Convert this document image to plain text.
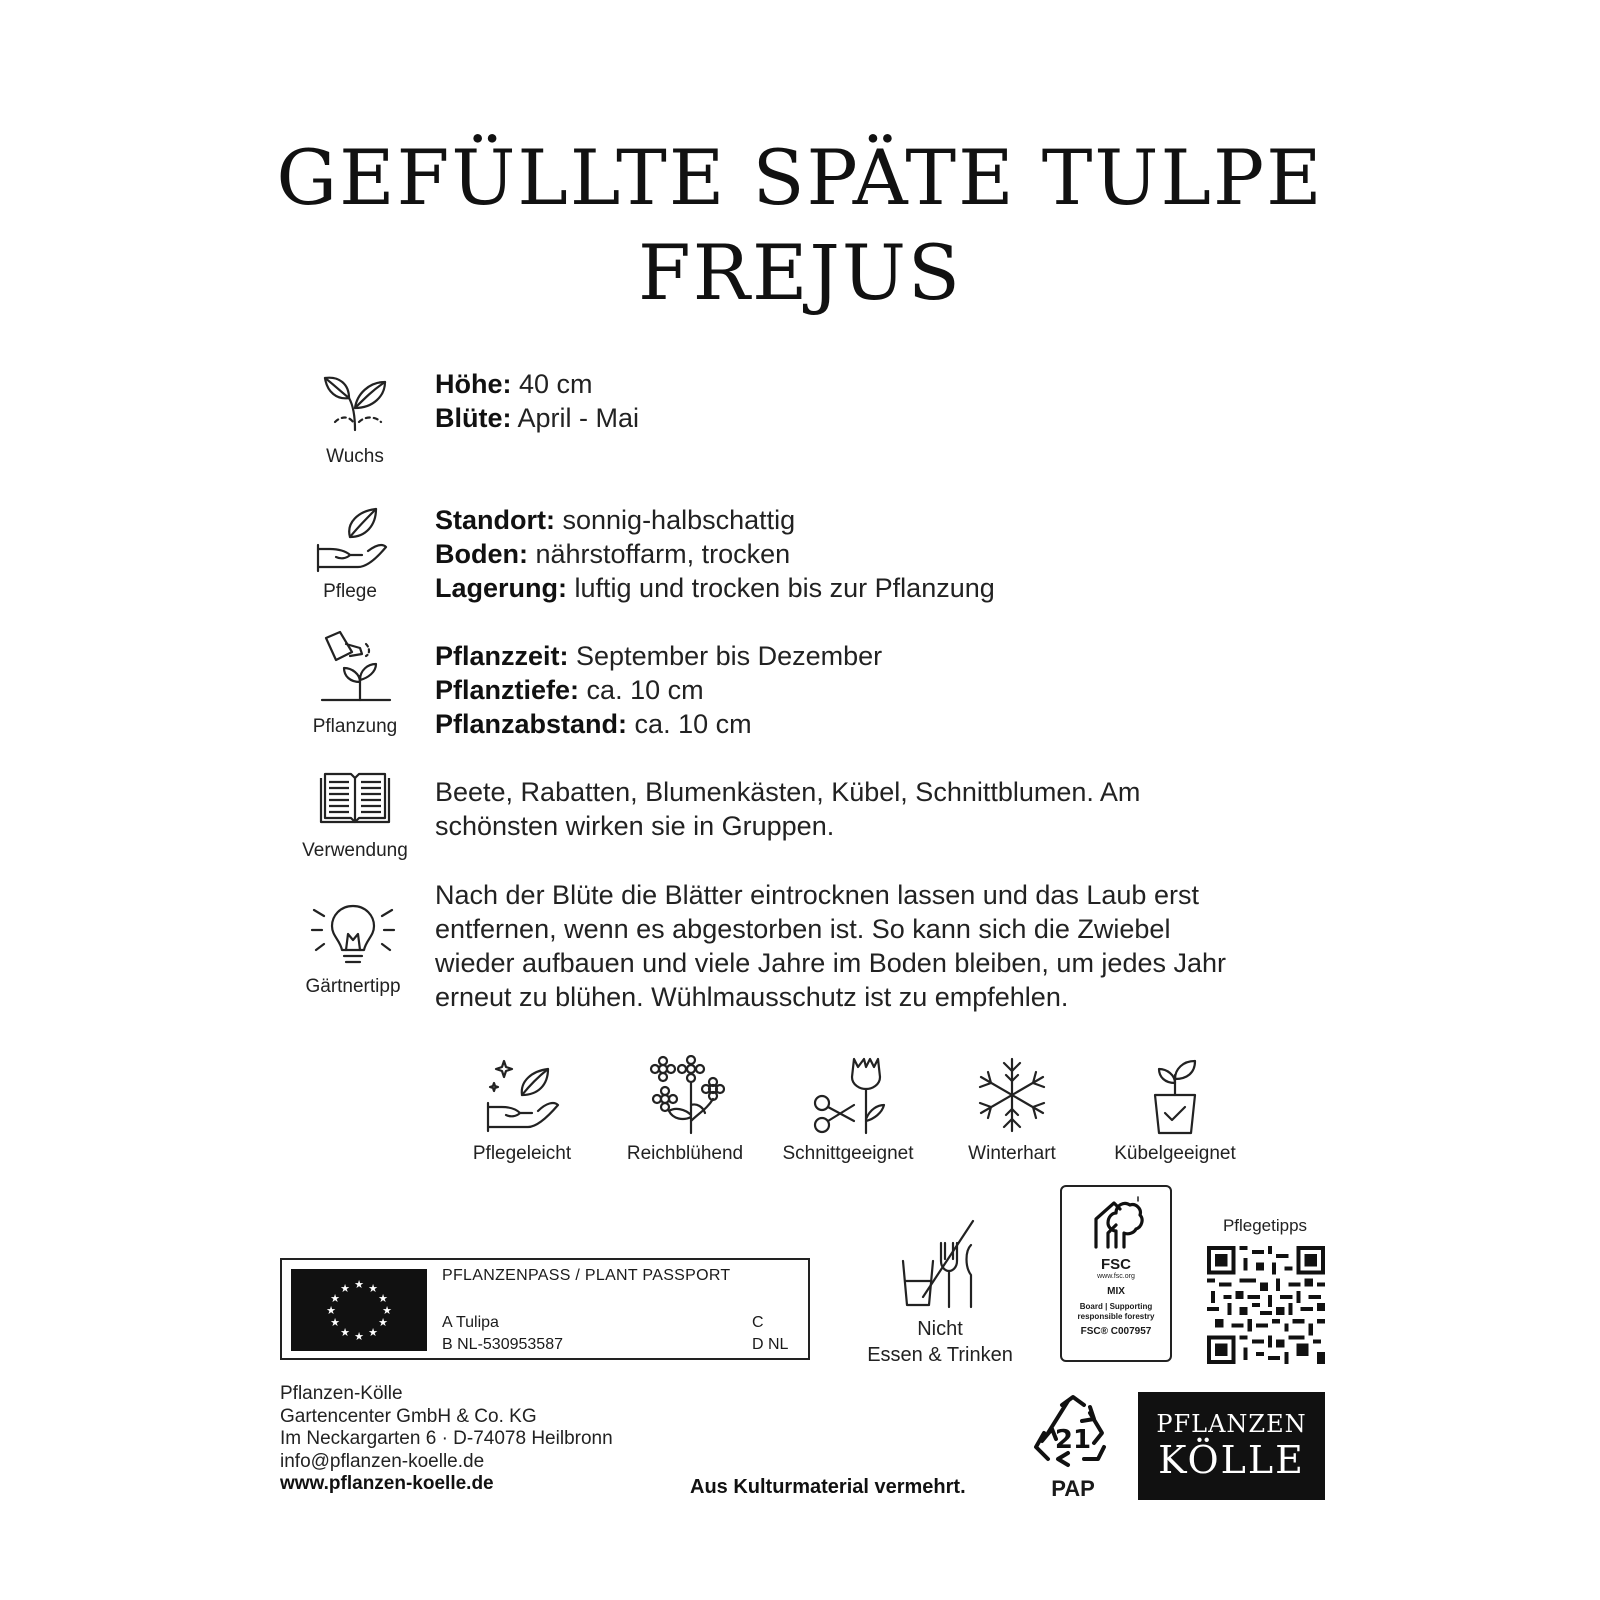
GEFÜLLTE SPÄTE TULPE
FREJUS
Wuchs
Höhe: 40 cm
Blüte: April - Mai
Pflege
Standort: sonnig-halbschattig
Boden: nährstoffarm, trocken
Lagerung: luftig und trocken bis zur Pflanzung
Pflanzung
Pflanzzeit: September bis Dezember
Pflanztiefe: ca. 10 cm
Pflanzabstand: ca. 10 cm
Verwendung
Beete, Rabatten, Blumenkästen, Kübel, Schnittblumen. Am
schönsten wirken sie in Gruppen.
Gärtnertipp
Nach der Blüte die Blätter eintrocknen lassen und das Laub erst
entfernen, wenn es abgestorben ist. So kann sich die Zwiebel
wieder aufbauen und viele Jahre im Boden bleiben, um jedes Jahr
erneut zu blühen. Wühlmausschutz ist zu empfehlen.
Pflegeleicht	Reichblühend	Schnittgeeignet	Winterhart	Kübelgeeignet
★ ★
★
★
★
★
★
★
★
★
★
★
PFLANZENPASS / PLANT PASSPORT
A Tulipa
B NL-530953587
C
D NL
Nicht
Essen & Trinken
FSC
www.fsc.org
MIX
Board | Supporting
responsible forestry
FSC® C007957
Pflegetipps
Pflanzen-Kölle
Gartencenter GmbH & Co. KG
Im Neckargarten 6 · D-74078 Heilbronn
info@pflanzen-koelle.de
www.pflanzen-koelle.de	Aus Kulturmaterial vermehrt.
21
PAP
PFLANZEN
KÖLLE
